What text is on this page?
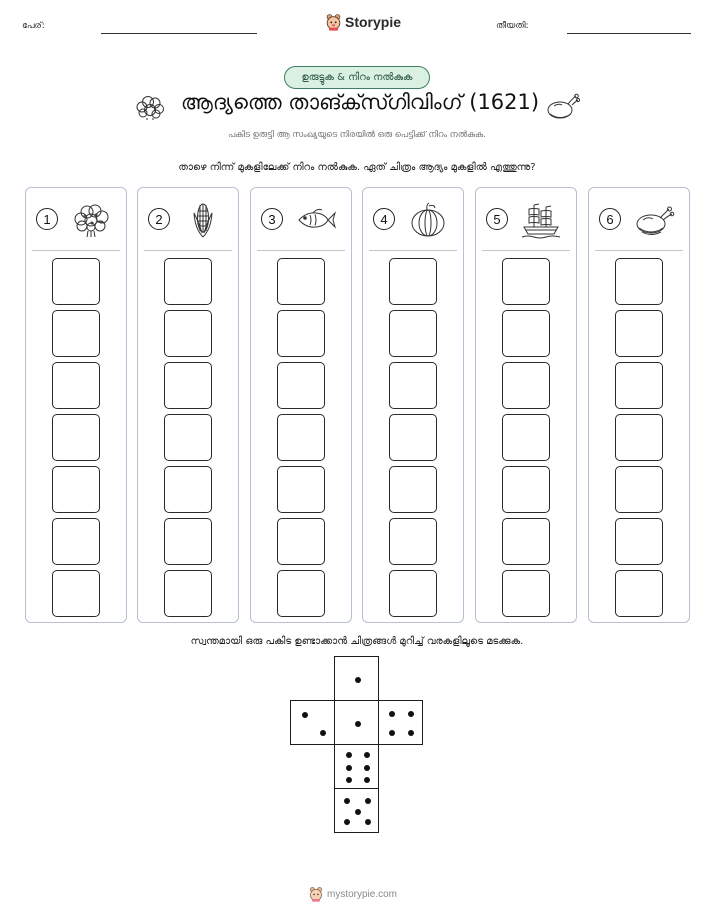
പേര്:	Storypie	തീയതി:
ഉരുട്ടുക & നിറം നൽകുക
ആദ്യത്തെ താങ്ക്സ്ഗിവിംഗ് (1621)
പകിട ഉരുട്ടി ആ സംഖ്യയുടെ നിരയിൽ ഒരു പെട്ടിക്ക് നിറം നൽകുക.
താഴെ നിന്ന് മുകളിലേക്ക് നിറം നൽകുക. ഏത് ചിത്രം ആദ്യം മുകളിൽ എത്തുന്നു?
1	2	3	4	5	6
സ്വന്തമായി ഒരു പകിട ഉണ്ടാക്കാൻ ചിത്രങ്ങൾ മുറിച്ച് വരകളിലൂടെ മടക്കുക.
mystorypie.com
